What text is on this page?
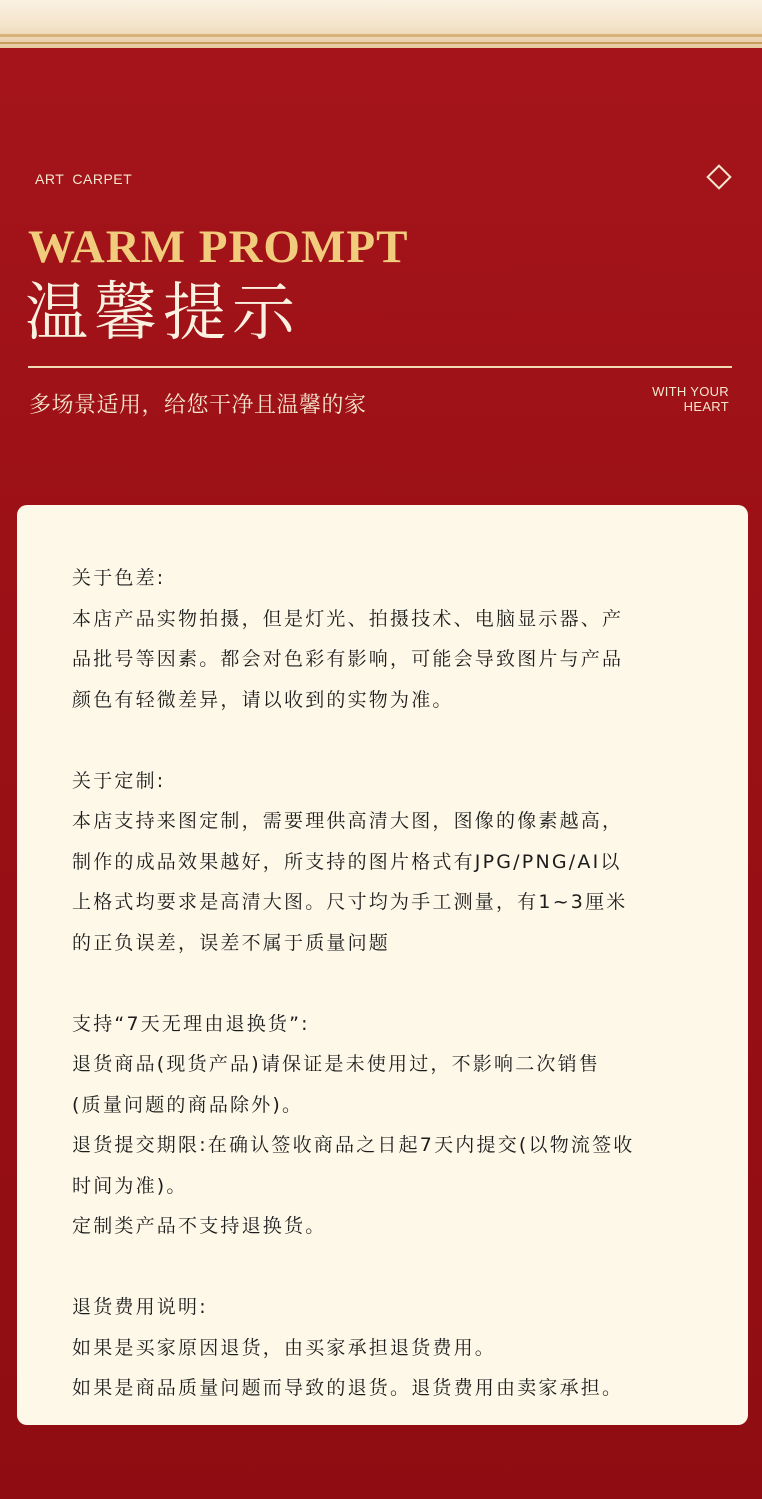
ART CARPET
WARM PROMPT
温馨提示
多场景适用，给您干净且温馨的家
WITH YOUR
HEART
关于色差:
本店产品实物拍摄，但是灯光、拍摄技术、电脑显示器、产
品批号等因素。都会对色彩有影响，可能会导致图片与产品
颜色有轻微差异，请以收到的实物为准。
关于定制:
本店支持来图定制，需要理供高清大图，图像的像素越高，
制作的成品效果越好，所支持的图片格式有JPG/PNG/AI以
上格式均要求是高清大图。尺寸均为手工测量，有1~3厘米
的正负误差，误差不属于质量问题
支持“7天无理由退换货”:
退货商品(现货产品)请保证是未使用过，不影响二次销售
(质量问题的商品除外)。
退货提交期限:在确认签收商品之日起7天内提交(以物流签收
时间为准)。
定制类产品不支持退换货。
退货费用说明:
如果是买家原因退货，由买家承担退货费用。
如果是商品质量问题而导致的退货。退货费用由卖家承担。
